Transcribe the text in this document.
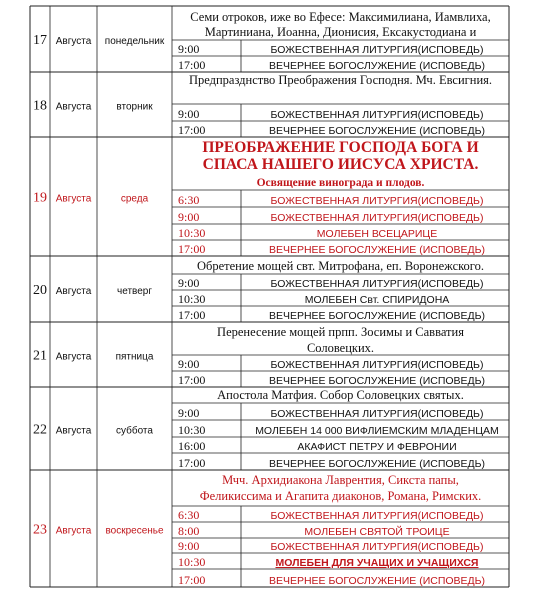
17 Августа понедельник
Семи отроков, иже во Ефесе: Максимилиана, Иамвлиха,
Мартиниана, Иоанна, Дионисия, Ексакустодиана и
9:00	БОЖЕСТВЕННАЯ ЛИТУРГИЯ(ИСПОВЕДЬ)
17:00	ВЕЧЕРНЕЕ БОГОСЛУЖЕНИЕ (ИСПОВЕДЬ)
18 Августа	вторник
Предпразднство Преображения Господня. Мч. Евсигния.
9:00	БОЖЕСТВЕННАЯ ЛИТУРГИЯ(ИСПОВЕДЬ)
17:00	ВЕЧЕРНЕЕ БОГОСЛУЖЕНИЕ (ИСПОВЕДЬ)
19 Августа	среда
ПРЕОБРАЖЕНИЕ ГОСПОДА БОГА И
СПАСА НАШЕГО ИИСУСА ХРИСТА.
Освящение винограда и плодов.
6:30	БОЖЕСТВЕННАЯ ЛИТУРГИЯ(ИСПОВЕДЬ)
9:00	БОЖЕСТВЕННАЯ ЛИТУРГИЯ(ИСПОВЕДЬ)
10:30	МОЛЕБЕН ВСЕЦАРИЦЕ
17:00	ВЕЧЕРНЕЕ БОГОСЛУЖЕНИЕ (ИСПОВЕДЬ)
20 Августа	четверг
Обретение мощей свт. Митрофана, еп. Воронежского.
9:00	БОЖЕСТВЕННАЯ ЛИТУРГИЯ(ИСПОВЕДЬ)
10:30	МОЛЕБЕН Свт. СПИРИДОНА
17:00	ВЕЧЕРНЕЕ БОГОСЛУЖЕНИЕ (ИСПОВЕДЬ)
21 Августа пятница
Перенесение мощей прпп. Зосимы и Савватия
Соловецких.
9:00	БОЖЕСТВЕННАЯ ЛИТУРГИЯ(ИСПОВЕДЬ)
17:00	ВЕЧЕРНЕЕ БОГОСЛУЖЕНИЕ (ИСПОВЕДЬ)
22 Августа суббота
Апостола Матфия. Собор Соловецких святых.
9:00	БОЖЕСТВЕННАЯ ЛИТУРГИЯ(ИСПОВЕДЬ)
10:30	МОЛЕБЕН 14 000 ВИФЛИЕМСКИМ МЛАДЕНЦАМ
16:00	АКАФИСТ ПЕТРУ И ФЕВРОНИИ
17:00	ВЕЧЕРНЕЕ БОГОСЛУЖЕНИЕ (ИСПОВЕДЬ)
23 Августа воскресенье
Мчч. Архидиакона Лаврентия, Сикста папы,
Феликиссима и Агапита диаконов, Романа, Римских.
6:30	БОЖЕСТВЕННАЯ ЛИТУРГИЯ(ИСПОВЕДЬ)
8:00	МОЛЕБЕН СВЯТОЙ ТРОИЦЕ
9:00	БОЖЕСТВЕННАЯ ЛИТУРГИЯ(ИСПОВЕДЬ)
10:30	МОЛЕБЕН ДЛЯ УЧАЩИХ И УЧАЩИХСЯ
17:00	ВЕЧЕРНЕЕ БОГОСЛУЖЕНИЕ (ИСПОВЕДЬ)
